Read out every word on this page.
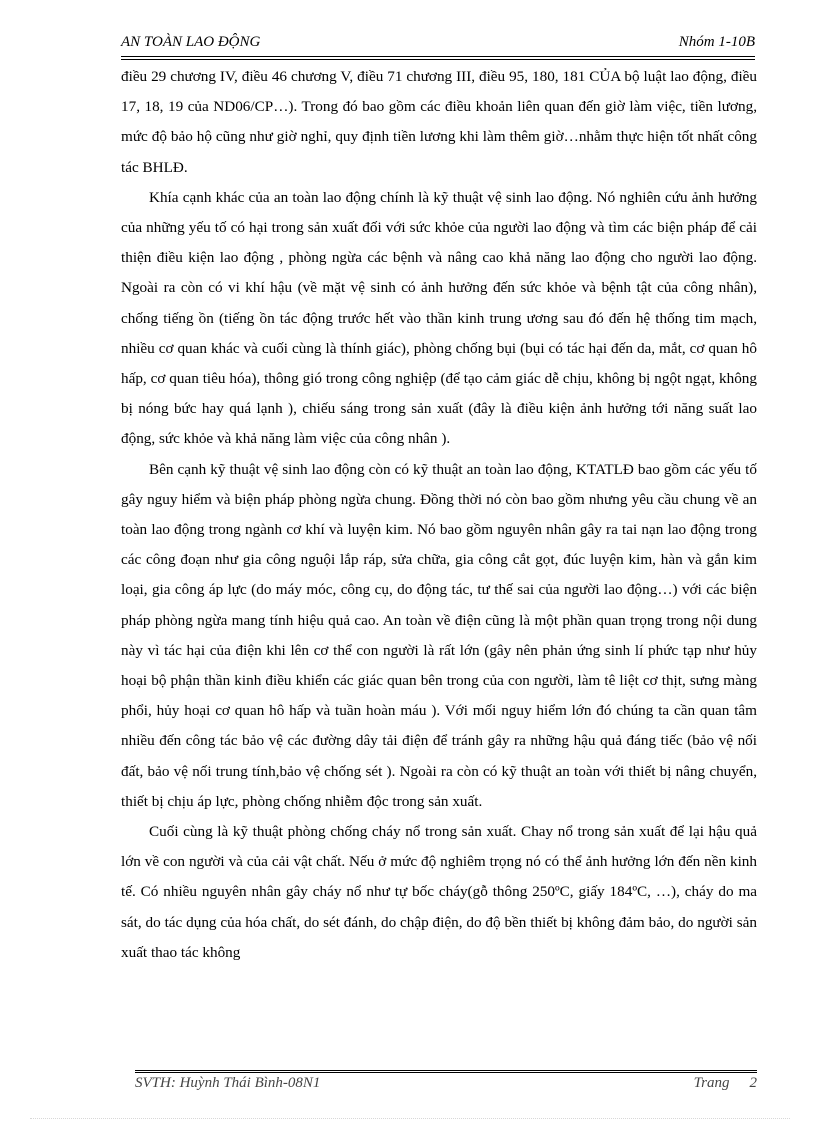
AN TOÀN LAO ĐỘNG	Nhóm 1-10B

điều 29 chương IV, điều 46 chương V, điều 71 chương III, điều 95, 180, 181 CỦA bộ luật lao động, điều 17, 18, 19 của ND06/CP…). Trong đó bao gồm các điều khoản liên quan đến giờ làm việc, tiền lương, mức độ bảo hộ cũng như giờ nghỉ, quy định tiền lương khi làm thêm giờ…nhằm thực hiện tốt nhất công tác BHLĐ.

Khía cạnh khác của an toàn lao động chính là kỹ thuật vệ sinh lao động. Nó nghiên cứu ảnh hưởng của những yếu tố có hại trong sản xuất đối với sức khỏe của người lao động và tìm các biện pháp để cải thiện điều kiện lao động , phòng ngừa các bệnh và nâng cao khả năng lao động cho người lao động. Ngoài ra còn có vi khí hậu (về mặt vệ sinh có ảnh hưởng đến sức khỏe và bệnh tật của công nhân), chống tiếng ồn (tiếng ồn tác động trước hết vào thần kinh trung ương sau đó đến hệ thống tim mạch, nhiều cơ quan khác và cuối cùng là thính giác), phòng chống bụi (bụi có tác hại đến da, mắt, cơ quan hô hấp, cơ quan tiêu hóa), thông gió trong công nghiệp (để tạo cảm giác dễ chịu, không bị ngột ngạt, không bị nóng bức hay quá lạnh ), chiếu sáng trong sản xuất (đây là điều kiện ảnh hưởng tới năng suất lao động, sức khỏe và khả năng làm việc của công nhân ).

Bên cạnh kỹ thuật vệ sinh lao động còn có kỹ thuật an toàn lao động, KTATLĐ bao gồm các yếu tố gây nguy hiểm và biện pháp phòng ngừa chung. Đồng thời nó còn bao gồm nhưng yêu cầu chung về an toàn lao động trong ngành cơ khí và luyện kim. Nó bao gồm nguyên nhân gây ra tai nạn lao động trong các công đoạn như gia công nguội lắp ráp, sửa chữa, gia công cắt gọt, đúc luyện kim, hàn và gắn kim loại, gia công áp lực (do máy móc, công cụ, do động tác, tư thế sai của người lao động…) với các biện pháp phòng ngừa mang tính hiệu quả cao. An toàn về điện cũng là một phần quan trọng trong nội dung này vì tác hại của điện khi lên cơ thể con người là rất lớn (gây nên phản ứng sinh lí phức tạp như hủy hoại bộ phận thần kinh điều khiển các giác quan bên trong của con người, làm tê liệt cơ thịt, sưng màng phổi, hủy hoại cơ quan hô hấp và tuần hoàn máu ). Với mối nguy hiểm lớn đó chúng ta cần quan tâm nhiều đến công tác bảo vệ các đường dây tải điện để tránh gây ra những hậu quả đáng tiếc (bảo vệ nối đất, bảo vệ nối trung tính,bảo vệ chống sét ). Ngoài ra còn có kỹ thuật an toàn với thiết bị nâng chuyển, thiết bị chịu áp lực, phòng chống nhiễm độc trong sản xuất.

Cuối cùng là kỹ thuật phòng chống cháy nổ trong sản xuất. Chay nổ trong sản xuất để lại hậu quả lớn về con người và của cải vật chất. Nếu ở mức độ nghiêm trọng nó có thể ảnh hưởng lớn đến nền kinh tế. Có nhiều nguyên nhân gây cháy nổ như tự bốc cháy(gỗ thông 250ºC, giấy 184ºC, …), cháy do ma sát, do tác dụng của hóa chất, do sét đánh, do chập điện, do độ bền thiết bị không đảm bảo, do người sản xuất thao tác không

SVTH: Huỳnh Thái Bình-08N1	Trang 2
